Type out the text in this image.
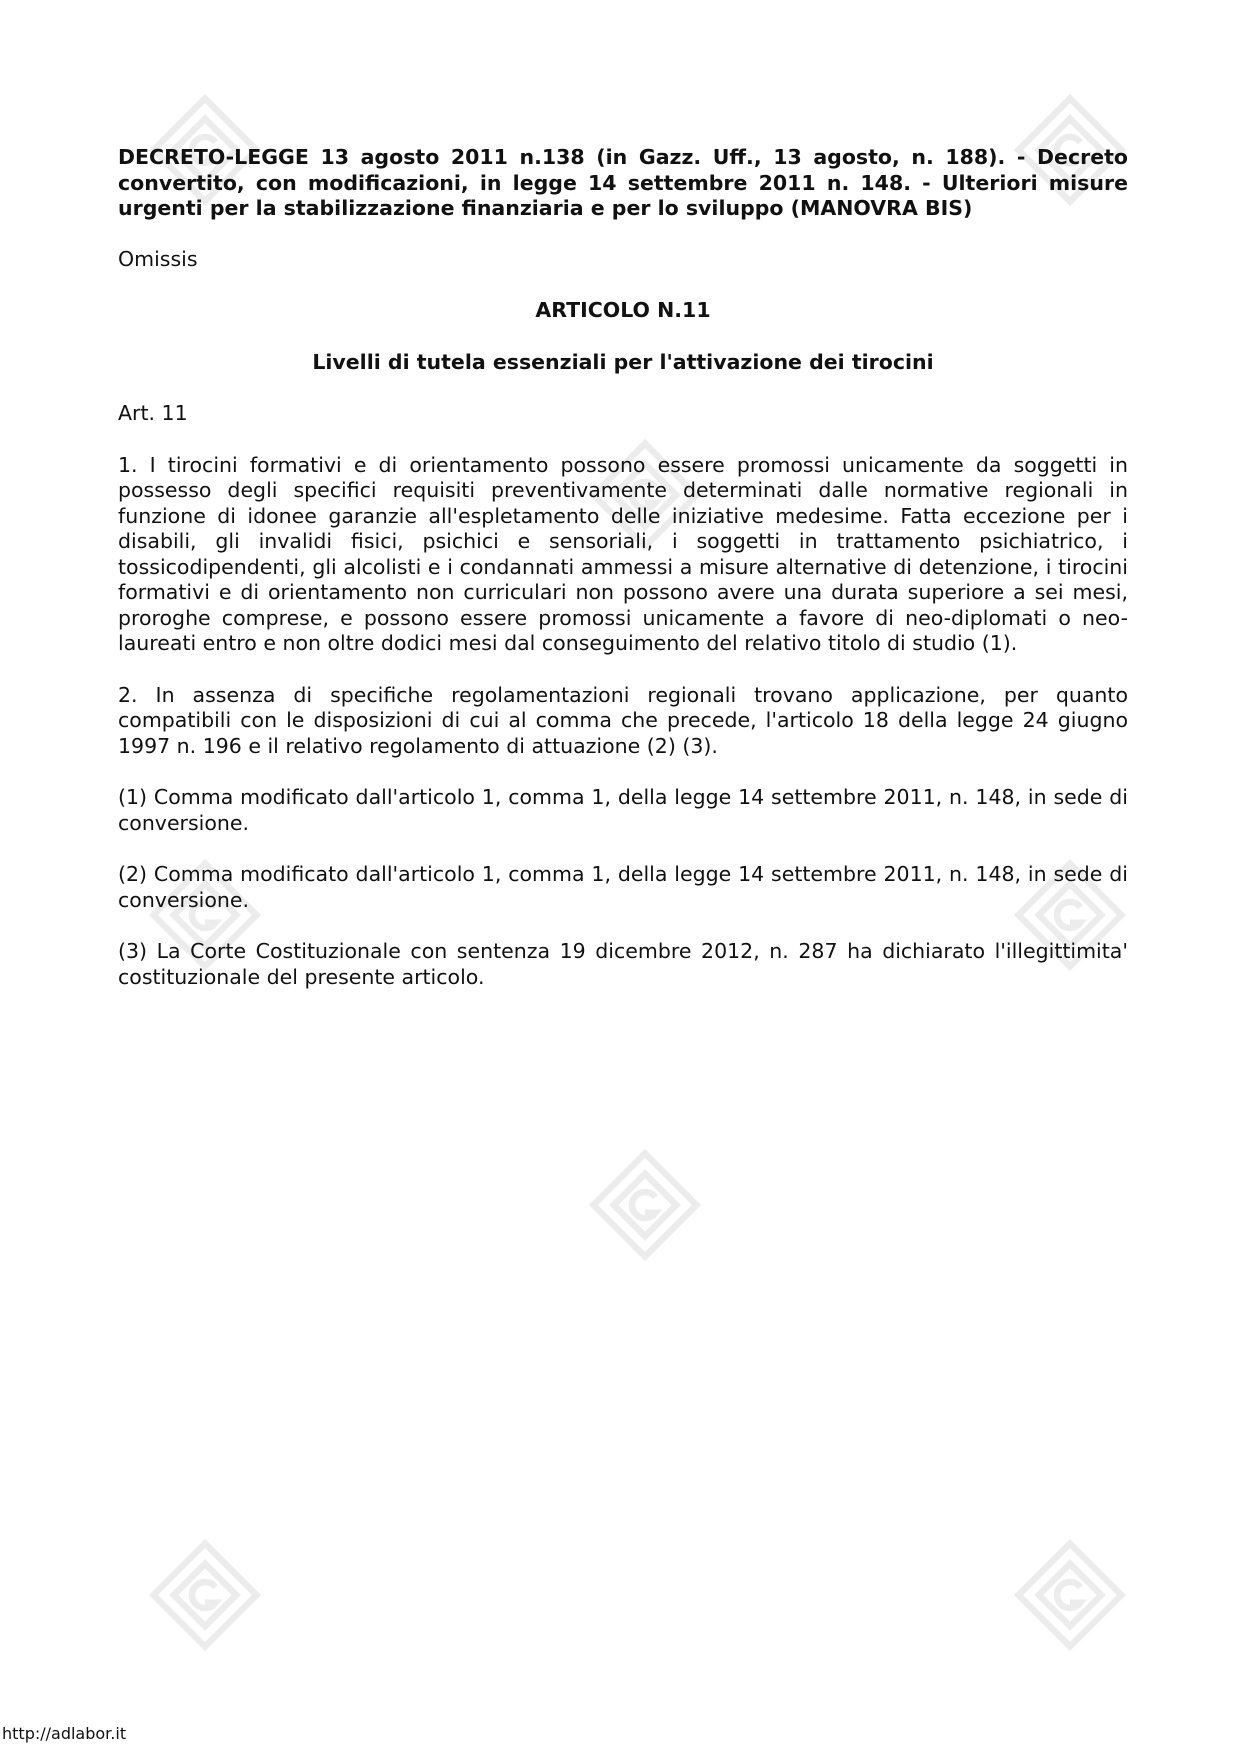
DECRETO-LEGGE 13 agosto 2011 n.138 (in Gazz. Uff., 13 agosto, n. 188). - Decreto convertito, con modificazioni, in legge 14 settembre 2011 n. 148. - Ulteriori misure urgenti per la stabilizzazione finanziaria e per lo sviluppo (MANOVRA BIS)

Omissis

ARTICOLO N.11

Livelli di tutela essenziali per l'attivazione dei tirocini

Art. 11

1. I tirocini formativi e di orientamento possono essere promossi unicamente da soggetti in possesso degli specifici requisiti preventivamente determinati dalle normative regionali in funzione di idonee garanzie all'espletamento delle iniziative medesime. Fatta eccezione per i disabili, gli invalidi fisici, psichici e sensoriali, i soggetti in trattamento psichiatrico, i tossicodipendenti, gli alcolisti e i condannati ammessi a misure alternative di detenzione, i tirocini formativi e di orientamento non curriculari non possono avere una durata superiore a sei mesi, proroghe comprese, e possono essere promossi unicamente a favore di neo-diplomati o neo-laureati entro e non oltre dodici mesi dal conseguimento del relativo titolo di studio (1).

2. In assenza di specifiche regolamentazioni regionali trovano applicazione, per quanto compatibili con le disposizioni di cui al comma che precede, l'articolo 18 della legge 24 giugno 1997 n. 196 e il relativo regolamento di attuazione (2) (3).

(1) Comma modificato dall'articolo 1, comma 1, della legge 14 settembre 2011, n. 148, in sede di conversione.

(2) Comma modificato dall'articolo 1, comma 1, della legge 14 settembre 2011, n. 148, in sede di conversione.

(3) La Corte Costituzionale con sentenza 19 dicembre 2012, n. 287 ha dichiarato l'illegittimita' costituzionale del presente articolo.

http://adlabor.it
